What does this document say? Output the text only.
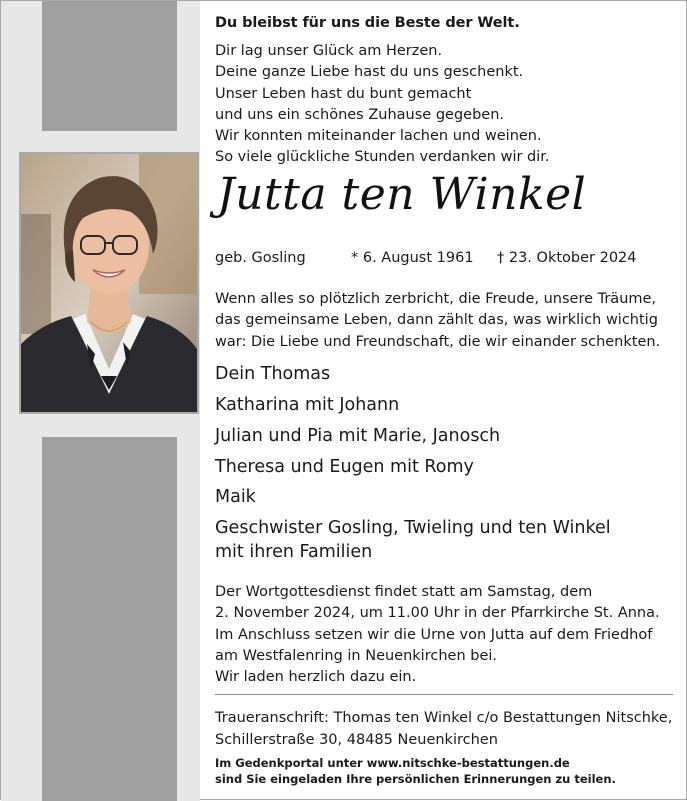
Du bleibst für uns die Beste der Welt.
Dir lag unser Glück am Herzen.
Deine ganze Liebe hast du uns geschenkt.
Unser Leben hast du bunt gemacht
und uns ein schönes Zuhause gegeben.
Wir konnten miteinander lachen und weinen.
So viele glückliche Stunden verdanken wir dir.
Jutta ten Winkel
geb. Gosling	* 6. August 1961 † 23. Oktober 2024
Wenn alles so plötzlich zerbricht, die Freude, unsere Träume,
das gemeinsame Leben, dann zählt das, was wirklich wichtig
war: Die Liebe und Freundschaft, die wir einander schenkten.
Dein Thomas
Katharina mit Johann
Julian und Pia mit Marie, Janosch
Theresa und Eugen mit Romy
Maik
Geschwister Gosling, Twieling und ten Winkel
mit ihren Familien
Der Wortgottesdienst findet statt am Samstag, dem
2. November 2024, um 11.00 Uhr in der Pfarrkirche St. Anna.
Im Anschluss setzen wir die Urne von Jutta auf dem Friedhof
am Westfalenring in Neuenkirchen bei.
Wir laden herzlich dazu ein.
Traueranschrift: Thomas ten Winkel c/o Bestattungen Nitschke,
Schillerstraße 30, 48485 Neuenkirchen
Im Gedenkportal unter www.nitschke-bestattungen.de
sind Sie eingeladen Ihre persönlichen Erinnerungen zu teilen.
